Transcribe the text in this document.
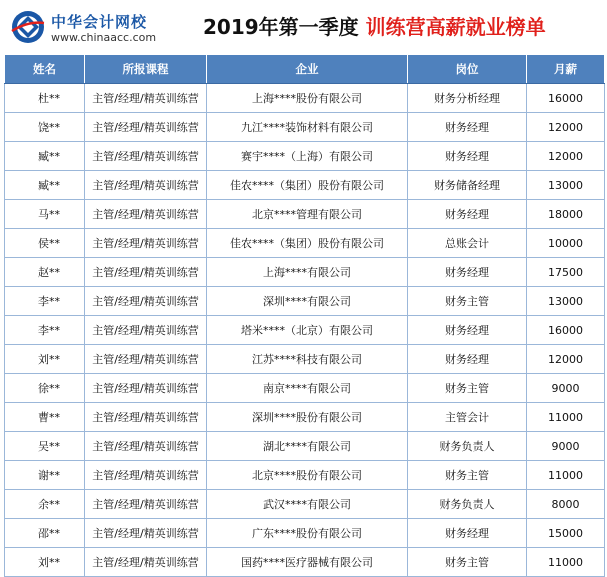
中华会计网校
www.chinaacc.com 2019年第一季度 训练营高薪就业榜单
姓名	所报课程	企业	岗位	月薪
杜**	主管/经理/精英训练营	上海****股份有限公司	财务分析经理	16000
饶**	主管/经理/精英训练营	九江****装饰材料有限公司	财务经理	12000
臧**	主管/经理/精英训练营	赛宇****（上海）有限公司	财务经理	12000
臧**	主管/经理/精英训练营	佳农****（集团）股份有限公司	财务储备经理	13000
马**	主管/经理/精英训练营	北京****管理有限公司	财务经理	18000
侯**	主管/经理/精英训练营	佳农****（集团）股份有限公司	总账会计	10000
赵**	主管/经理/精英训练营	上海****有限公司	财务经理	17500
李**	主管/经理/精英训练营	深圳****有限公司	财务主管	13000
李**	主管/经理/精英训练营	塔米****（北京）有限公司	财务经理	16000
刘**	主管/经理/精英训练营	江苏****科技有限公司	财务经理	12000
徐**	主管/经理/精英训练营	南京****有限公司	财务主管	9000
曹**	主管/经理/精英训练营	深圳****股份有限公司	主管会计	11000
吴**	主管/经理/精英训练营	湖北****有限公司	财务负责人	9000
谢**	主管/经理/精英训练营	北京****股份有限公司	财务主管	11000
余**	主管/经理/精英训练营	武汉****有限公司	财务负责人	8000
邵**	主管/经理/精英训练营	广东****股份有限公司	财务经理	15000
刘**	主管/经理/精英训练营	国药****医疗器械有限公司	财务主管	11000
